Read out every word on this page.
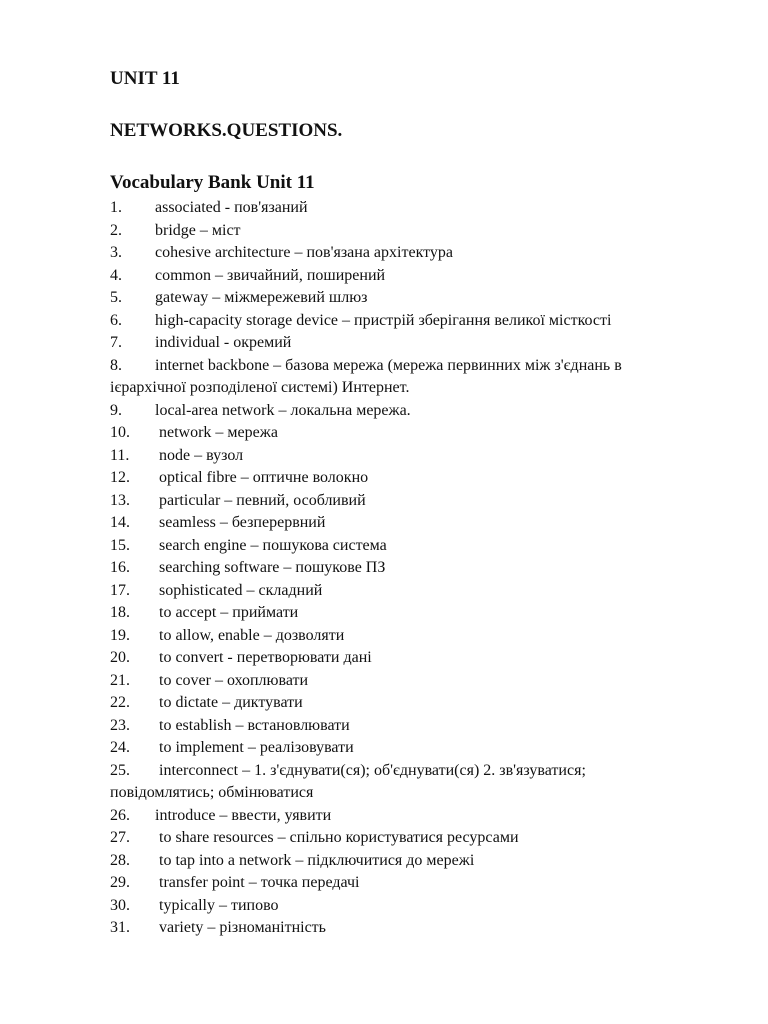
UNIT 11
NETWORKS.QUESTIONS.
Vocabulary Bank Unit 11
1.	associated - пов'язаний
2.	bridge – міст
3.	cohesive architecture – пов'язана архітектура
4.	common – звичайний, поширений
5.	gateway – міжмережевий шлюз
6.	high-capacity storage device – пристрій зберігання великої місткості
7.	individual - окремий
8.	internet backbone – базова мережа (мережа первинних між з'єднань в
ієрархічної розподіленої системі) Интернет.
9.	local-area network – локальна мережа.
10.	network – мережа
11.	node – вузол
12.	optical fibre – оптичне волокно
13.	particular – певний, особливий
14.	seamless – безперервний
15.	search engine – пошукова система
16.	searching software – пошукове ПЗ
17.	sophisticated – складний
18.	to accept – приймати
19.	to allow, enable – дозволяти
20.	to convert - перетворювати дані
21.	to cover – охоплювати
22.	to dictate – диктувати
23.	to establish – встановлювати
24.	to implement – реалізовувати
25.	interconnect – 1. з'єднувати(ся); об'єднувати(ся) 2. зв'язуватися;
повідомлятись; обмінюватися
26.	introduce – ввести, уявити
27.	to share resources – спільно користуватися ресурсами
28.	to tap into a network – підключитися до мережі
29.	transfer point – точка передачі
30.	typically – типово
31.	variety – різноманітність
